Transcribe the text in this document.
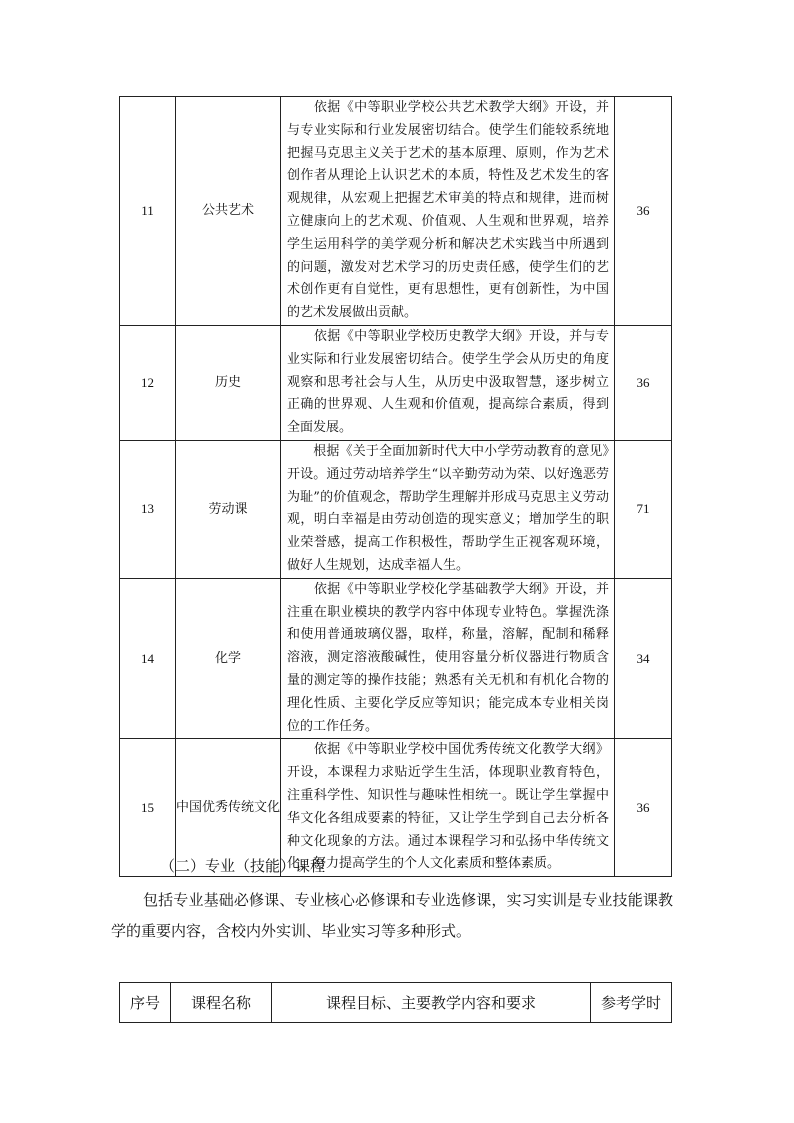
11	公共艺术	　　依据《中等职业学校公共艺术教学大纲》开设，并与专业实际和行业发展密切结合。使学生们能较系统地把握马克思主义关于艺术的基本原理、原则，作为艺术创作者从理论上认识艺术的本质，特性及艺术发生的客观规律，从宏观上把握艺术审美的特点和规律，进而树立健康向上的艺术观、价值观、人生观和世界观，培养学生运用科学的美学观分析和解决艺术实践当中所遇到的问题，激发对艺术学习的历史责任感，使学生们的艺术创作更有自觉性，更有思想性，更有创新性，为中国的艺术发展做出贡献。	36
12	历史	　　依据《中等职业学校历史教学大纲》开设，并与专业实际和行业发展密切结合。使学生学会从历史的角度观察和思考社会与人生，从历史中汲取智慧，逐步树立正确的世界观、人生观和价值观，提高综合素质，得到全面发展。	36
13	劳动课	　　根据《关于全面加新时代大中小学劳动教育的意见》开设。通过劳动培养学生“以辛勤劳动为荣、以好逸恶劳为耻”的价值观念，帮助学生理解并形成马克思主义劳动观，明白幸福是由劳动创造的现实意义；增加学生的职业荣誉感，提高工作积极性，帮助学生正视客观环境，做好人生规划，达成幸福人生。	71
14	化学	　　依据《中等职业学校化学基础教学大纲》开设，并注重在职业模块的教学内容中体现专业特色。掌握洗涤和使用普通玻璃仪器，取样，称量，溶解，配制和稀释溶液，测定溶液酸碱性，使用容量分析仪器进行物质含量的测定等的操作技能；熟悉有关无机和有机化合物的理化性质、主要化学反应等知识；能完成本专业相关岗位的工作任务。	34
15	中国优秀传统文化	　　依据《中等职业学校中国优秀传统文化教学大纲》开设，本课程力求贴近学生生活，体现职业教育特色，注重科学性、知识性与趣味性相统一。既让学生掌握中华文化各组成要素的特征，又让学生学到自己去分析各种文化现象的方法。通过本课程学习和弘扬中华传统文化，努力提高学生的个人文化素质和整体素质。	36
（二）专业（技能）课程

包括专业基础必修课、专业核心必修课和专业选修课，实习实训是专业技能课教学的重要内容，含校内外实训、毕业实习等多种形式。

序号	课程名称	课程目标、主要教学内容和要求	参考学时
